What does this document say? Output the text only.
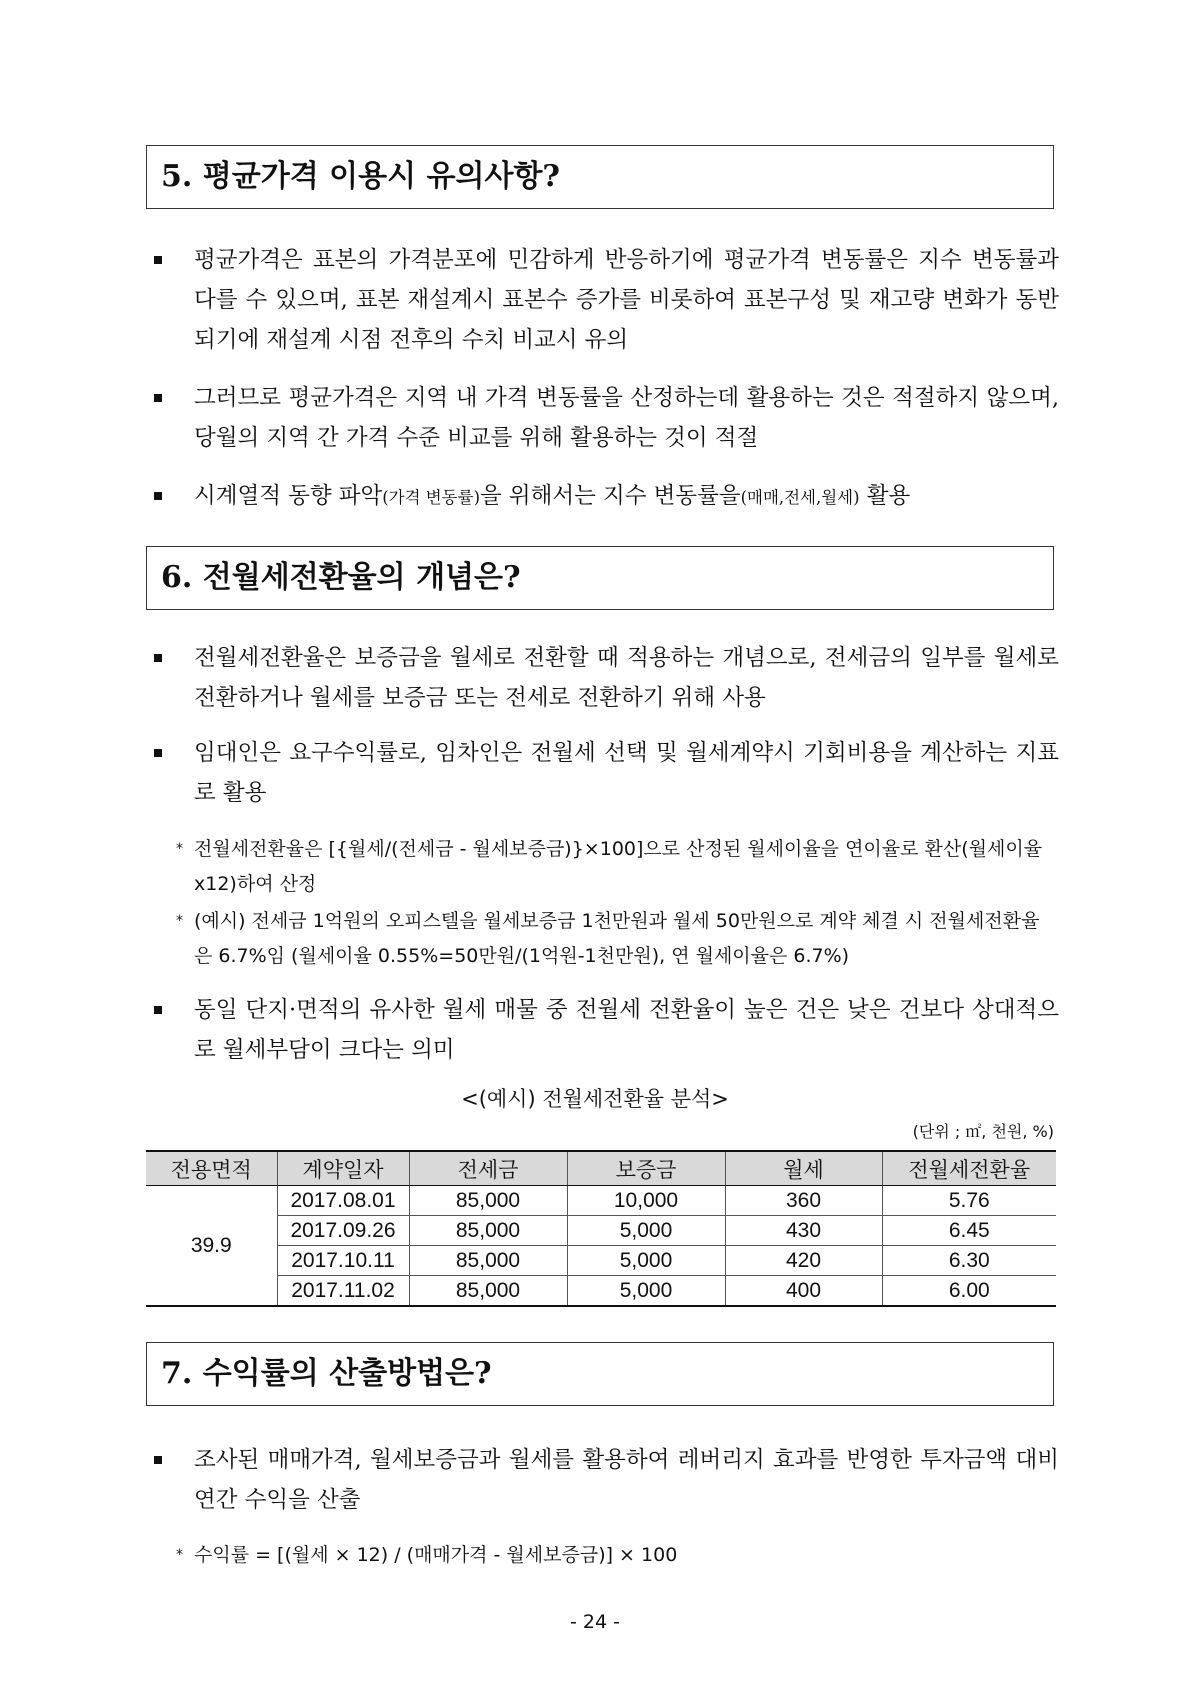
5. 평균가격 이용시 유의사항?
평균가격은 표본의 가격분포에 민감하게 반응하기에 평균가격 변동률은 지수 변동률과 다를 수 있으며, 표본 재설계시 표본수 증가를 비롯하여 표본구성 및 재고량 변화가 동반되기에 재설계 시점 전후의 수치 비교시 유의
그러므로 평균가격은 지역 내 가격 변동률을 산정하는데 활용하는 것은 적절하지 않으며, 당월의 지역 간 가격 수준 비교를 위해 활용하는 것이 적절
시계열적 동향 파악(가격 변동률)을 위해서는 지수 변동률을(매매,전세,월세) 활용
6. 전월세전환율의 개념은?
전월세전환율은 보증금을 월세로 전환할 때 적용하는 개념으로, 전세금의 일부를 월세로 전환하거나 월세를 보증금 또는 전세로 전환하기 위해 사용
임대인은 요구수익률로, 임차인은 전월세 선택 및 월세계약시 기회비용을 계산하는 지표로 활용
* 전월세전환율은 [{월세/(전세금 - 월세보증금)}×100]으로 산정된 월세이율을 연이율로 환산(월세이율x12)하여 산정
* (예시) 전세금 1억원의 오피스텔을 월세보증금 1천만원과 월세 50만원으로 계약 체결 시 전월세전환율은 6.7%임 (월세이율 0.55%=50만원/(1억원-1천만원), 연 월세이율은 6.7%)
동일 단지·면적의 유사한 월세 매물 중 전월세 전환율이 높은 건은 낮은 건보다 상대적으로 월세부담이 크다는 의미
<(예시) 전월세전환율 분석>
(단위 ; ㎡, 천원, %)
전용면적	계약일자	전세금	보증금	월세	전월세전환율
39.9	2017.08.01	85,000	10,000	360	5.76
	2017.09.26	85,000	5,000	430	6.45
	2017.10.11	85,000	5,000	420	6.30
	2017.11.02	85,000	5,000	400	6.00
7. 수익률의 산출방법은?
조사된 매매가격, 월세보증금과 월세를 활용하여 레버리지 효과를 반영한 투자금액 대비 연간 수익을 산출
* 수익률 = [(월세 × 12) / (매매가격 - 월세보증금)] × 100
- 24 -
